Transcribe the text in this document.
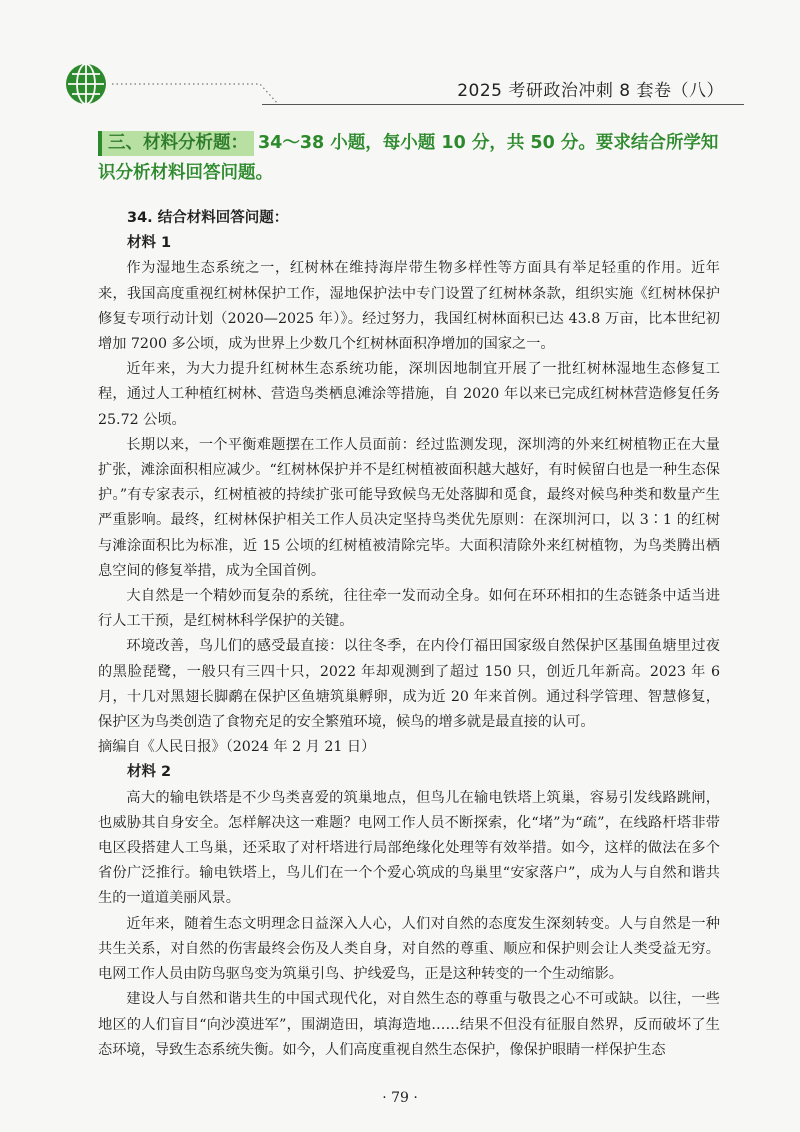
2025 考研政治冲刺 8 套卷（八）
三、材料分析题： 34～38 小题，每小题 10 分，共 50 分。要求结合所学知识分析材料回答问题。

34. 结合材料回答问题：

材料 1

作为湿地生态系统之一，红树林在维持海岸带生物多样性等方面具有举足轻重的作用。近年来，我国高度重视红树林保护工作，湿地保护法中专门设置了红树林条款，组织实施《红树林保护修复专项行动计划（2020—2025 年）》。经过努力，我国红树林面积已达 43.8 万亩，比本世纪初增加 7200 多公顷，成为世界上少数几个红树林面积净增加的国家之一。

近年来，为大力提升红树林生态系统功能，深圳因地制宜开展了一批红树林湿地生态修复工程，通过人工种植红树林、营造鸟类栖息滩涂等措施，自 2020 年以来已完成红树林营造修复任务 25.72 公顷。

长期以来，一个平衡难题摆在工作人员面前：经过监测发现，深圳湾的外来红树植物正在大量扩张，滩涂面积相应减少。“红树林保护并不是红树植被面积越大越好，有时候留白也是一种生态保护。”有专家表示，红树植被的持续扩张可能导致候鸟无处落脚和觅食，最终对候鸟种类和数量产生严重影响。最终，红树林保护相关工作人员决定坚持鸟类优先原则：在深圳河口，以 3∶1 的红树与滩涂面积比为标准，近 15 公顷的红树植被清除完毕。大面积清除外来红树植物，为鸟类腾出栖息空间的修复举措，成为全国首例。

大自然是一个精妙而复杂的系统，往往牵一发而动全身。如何在环环相扣的生态链条中适当进行人工干预，是红树林科学保护的关键。

环境改善，鸟儿们的感受最直接：以往冬季，在内伶仃福田国家级自然保护区基围鱼塘里过夜的黑脸琵鹭，一般只有三四十只，2022 年却观测到了超过 150 只，创近几年新高。2023 年 6 月，十几对黑翅长脚鹬在保护区鱼塘筑巢孵卵，成为近 20 年来首例。通过科学管理、智慧修复，保护区为鸟类创造了食物充足的安全繁殖环境，候鸟的增多就是最直接的认可。

摘编自《人民日报》（2024 年 2 月 21 日）

材料 2

高大的输电铁塔是不少鸟类喜爱的筑巢地点，但鸟儿在输电铁塔上筑巢，容易引发线路跳闸，也威胁其自身安全。怎样解决这一难题？电网工作人员不断探索，化“堵”为“疏”，在线路杆塔非带电区段搭建人工鸟巢，还采取了对杆塔进行局部绝缘化处理等有效举措。如今，这样的做法在多个省份广泛推行。输电铁塔上，鸟儿们在一个个爱心筑成的鸟巢里“安家落户”，成为人与自然和谐共生的一道道美丽风景。

近年来，随着生态文明理念日益深入人心，人们对自然的态度发生深刻转变。人与自然是一种共生关系，对自然的伤害最终会伤及人类自身，对自然的尊重、顺应和保护则会让人类受益无穷。电网工作人员由防鸟驱鸟变为筑巢引鸟、护线爱鸟，正是这种转变的一个生动缩影。

建设人与自然和谐共生的中国式现代化，对自然生态的尊重与敬畏之心不可或缺。以往，一些地区的人们盲目“向沙漠进军”，围湖造田，填海造地……结果不但没有征服自然界，反而破坏了生态环境，导致生态系统失衡。如今，人们高度重视自然生态保护，像保护眼睛一样保护生态

· 79 ·
